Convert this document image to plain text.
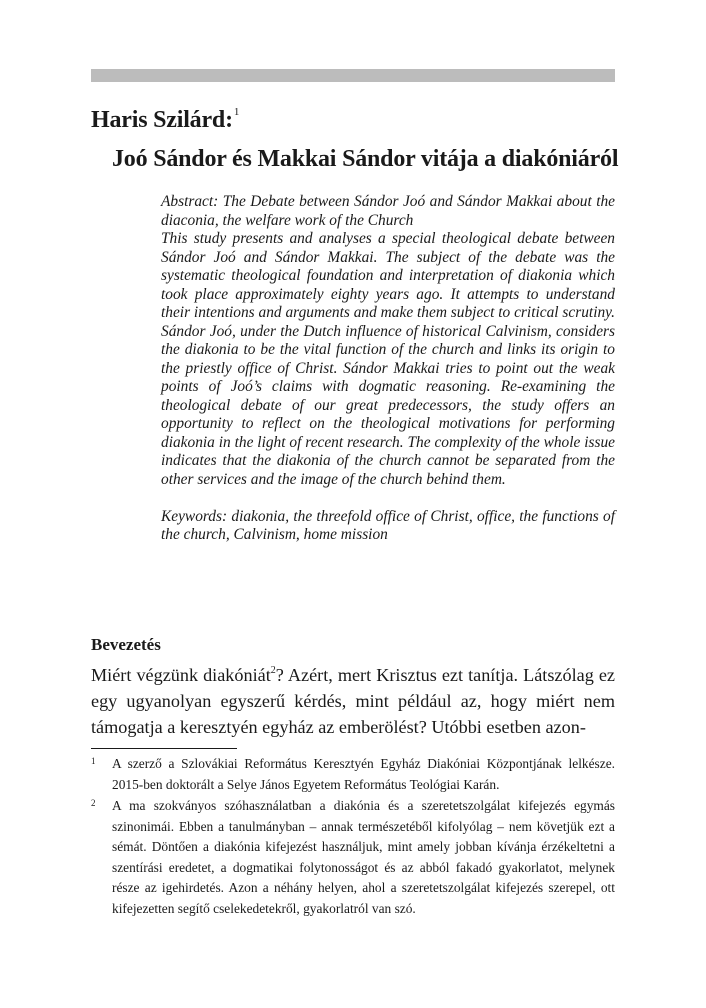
Haris Szilárd:$^1$
Joó Sándor és Makkai Sándor vitája a diakóniáról

Abstract: The Debate between Sándor Joó and Sándor Makkai about the diaconia, the welfare work of the Church

This study presents and analyses a special theological debate between Sándor Joó and Sándor Makkai. The subject of the debate was the systematic theological foundation and interpretation of diakonia which took place approximately eighty years ago. It attempts to understand their intentions and arguments and make them subject to critical scrutiny. Sándor Joó, under the Dutch influence of historical Calvinism, considers the diakonia to be the vital function of the church and links its origin to the priestly office of Christ. Sándor Makkai tries to point out the weak points of Joó’s claims with dogmatic reasoning. Re-examining the theological debate of our great predecessors, the study offers an opportunity to reflect on the theological motivations for performing diakonia in the light of recent research. The complexity of the whole issue indicates that the diakonia of the church cannot be separated from the other services and the image of the church behind them.

Keywords: diakonia, the threefold office of Christ, office, the functions of the church, Calvinism, home mission

Bevezetés
Miért végzünk diakóniát$^2$? Azért, mert Krisztus ezt tanítja. Látszólag ez egy ugyanolyan egyszerű kérdés, mint például az, hogy miért nem támogatja a keresztyén egyház az emberölést? Utóbbi esetben azon-

1 A szerző a Szlovákiai Református Keresztyén Egyház Diakóniai Központjának lelkésze. 2015-ben doktorált a Selye János Egyetem Református Teológiai Karán.

2 A ma szokványos szóhasználatban a diakónia és a szeretetszolgálat kifejezés egymás szinonimái. Ebben a tanulmányban – annak természetéből kifolyólag – nem követjük ezt a sémát. Döntően a diakónia kifejezést használjuk, mint amely jobban kívánja érzékeltetni a szentírási eredetet, a dogmatikai folytonosságot és az abból fakadó gyakorlatot, melynek része az igehirdetés. Azon a néhány helyen, ahol a szeretetszolgálat kifejezés szerepel, ott kifejezetten segítő cselekedetekről, gyakorlatról van szó.
